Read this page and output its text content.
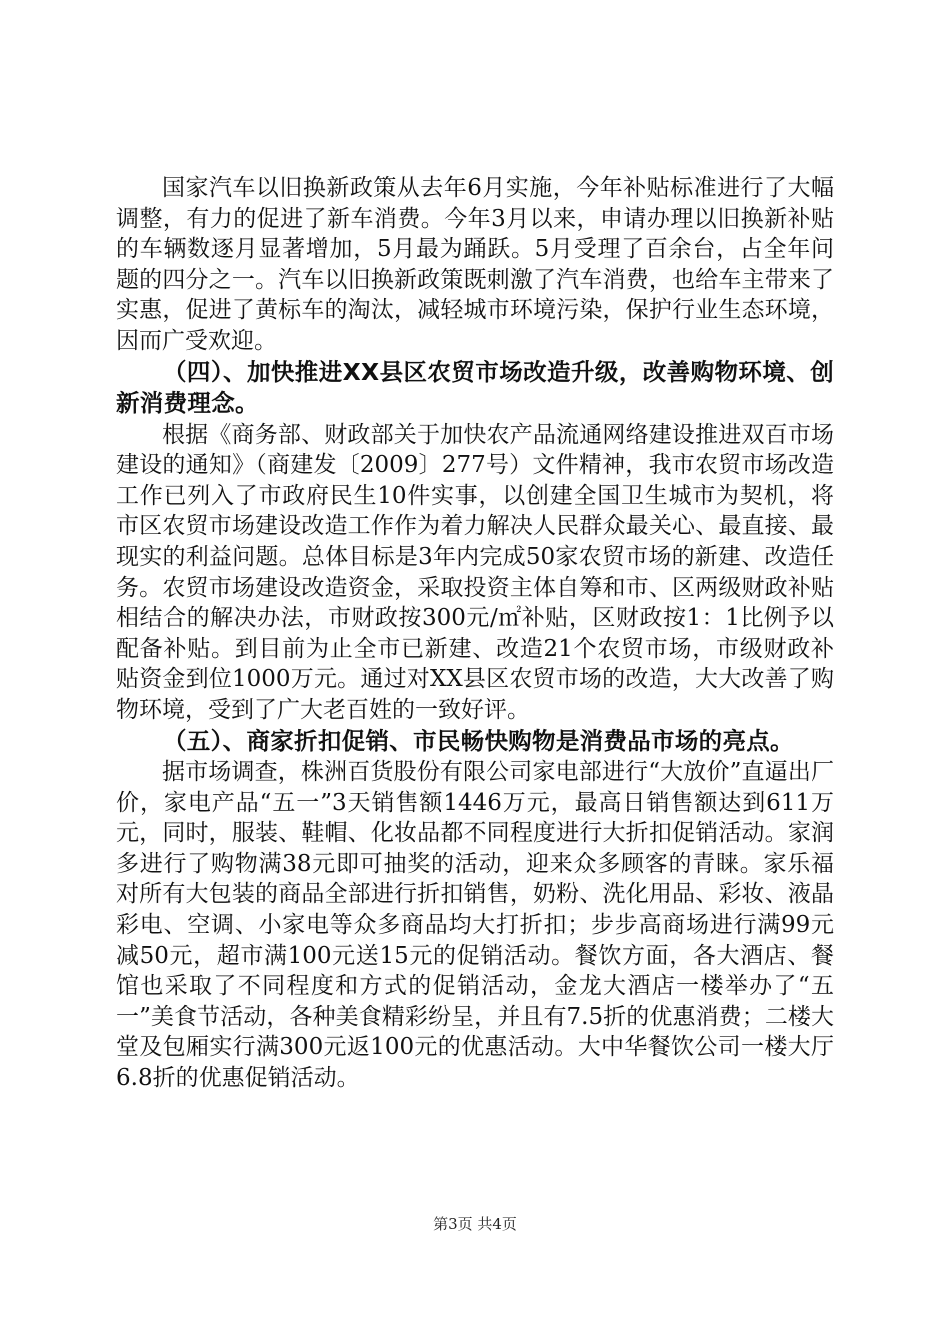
国家汽车以旧换新政策从去年6月实施，今年补贴标准进行了大幅调整，有力的促进了新车消费。今年3月以来，申请办理以旧换新补贴的车辆数逐月显著增加，5月最为踊跃。5月受理了百余台，占全年问题的四分之一。汽车以旧换新政策既刺激了汽车消费，也给车主带来了实惠，促进了黄标车的淘汰，减轻城市环境污染，保护行业生态环境，因而广受欢迎。

（四）、加快推进XX县区农贸市场改造升级，改善购物环境、创新消费理念。

根据《商务部、财政部关于加快农产品流通网络建设推进双百市场建设的通知》（商建发〔2009〕277号）文件精神，我市农贸市场改造工作已列入了市政府民生10件实事，以创建全国卫生城市为契机，将市区农贸市场建设改造工作作为着力解决人民群众最关心、最直接、最现实的利益问题。总体目标是3年内完成50家农贸市场的新建、改造任务。农贸市场建设改造资金，采取投资主体自筹和市、区两级财政补贴相结合的解决办法，市财政按300元/㎡补贴，区财政按1：1比例予以配备补贴。到目前为止全市已新建、改造21个农贸市场，市级财政补贴资金到位1000万元。通过对XX县区农贸市场的改造，大大改善了购物环境，受到了广大老百姓的一致好评。

（五）、商家折扣促销、市民畅快购物是消费品市场的亮点。

据市场调查，株洲百货股份有限公司家电部进行“大放价”直逼出厂价，家电产品“五一”3天销售额1446万元，最高日销售额达到611万元，同时，服装、鞋帽、化妆品都不同程度进行大折扣促销活动。家润多进行了购物满38元即可抽奖的活动，迎来众多顾客的青睐。家乐福对所有大包装的商品全部进行折扣销售，奶粉、洗化用品、彩妆、液晶彩电、空调、小家电等众多商品均大打折扣；步步高商场进行满99元减50元，超市满100元送15元的促销活动。餐饮方面，各大酒店、餐馆也采取了不同程度和方式的促销活动，金龙大酒店一楼举办了“五一”美食节活动，各种美食精彩纷呈，并且有7.5折的优惠消费；二楼大堂及包厢实行满300元返100元的优惠活动。大中华餐饮公司一楼大厅6.8折的优惠促销活动。

第3页 共4页
